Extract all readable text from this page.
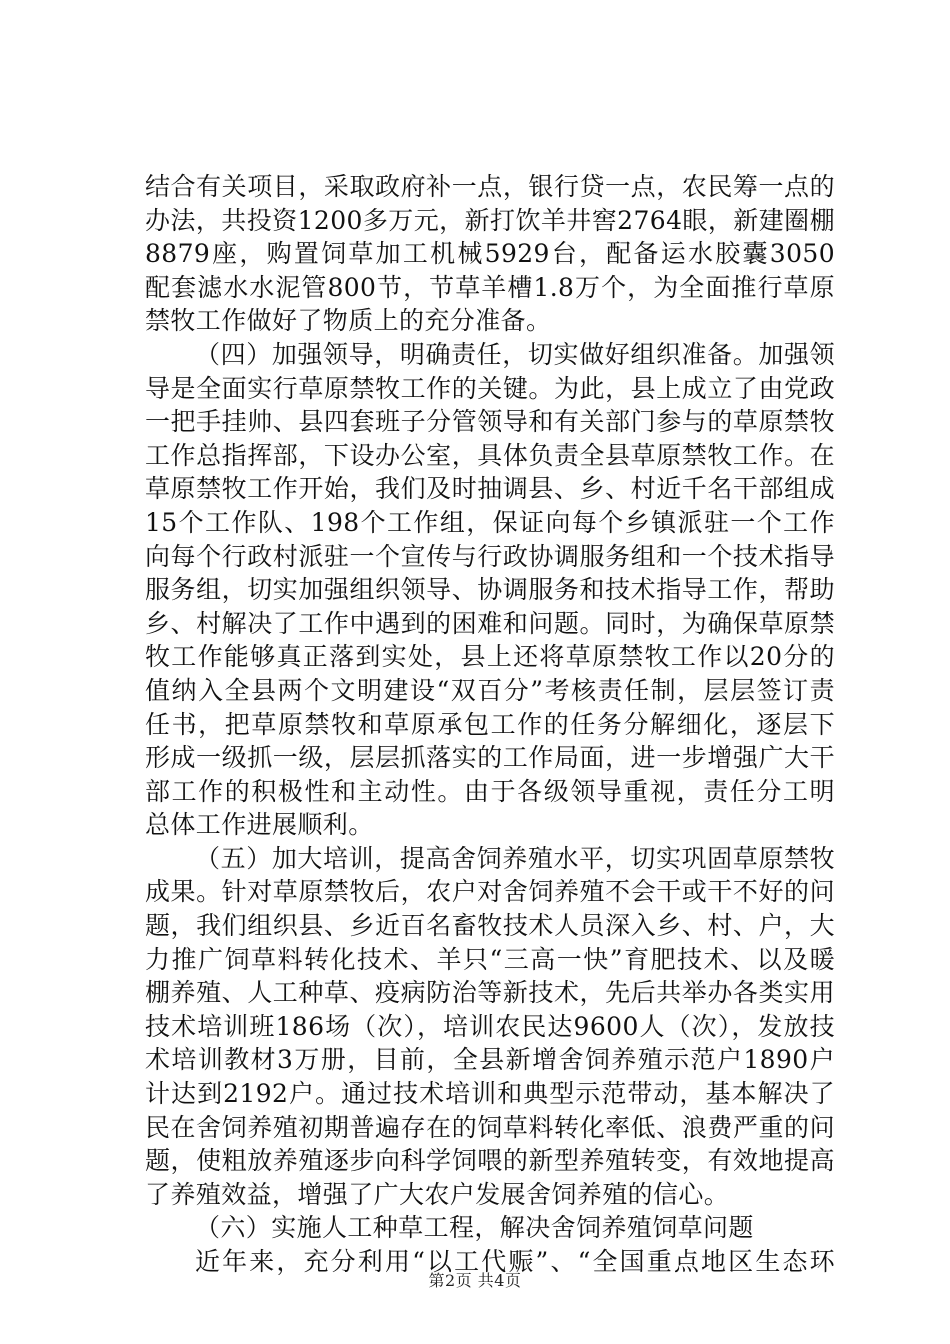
结合有关项目，采取政府补一点，银行贷一点，农民筹一点的
办法，共投资1200多万元，新打饮羊井窖2764眼，新建圈棚
8879座，购置饲草加工机械5929台，配备运水胶囊3050
配套滤水水泥管800节，节草羊槽1.8万个，为全面推行草原
禁牧工作做好了物质上的充分准备。
（四）加强领导，明确责任，切实做好组织准备。加强领
导是全面实行草原禁牧工作的关键。为此，县上成立了由党政
一把手挂帅、县四套班子分管领导和有关部门参与的草原禁牧
工作总指挥部，下设办公室，具体负责全县草原禁牧工作。在
草原禁牧工作开始，我们及时抽调县、乡、村近千名干部组成
15个工作队、198个工作组，保证向每个乡镇派驻一个工作
向每个行政村派驻一个宣传与行政协调服务组和一个技术指导
服务组，切实加强组织领导、协调服务和技术指导工作，帮助
乡、村解决了工作中遇到的困难和问题。同时，为确保草原禁
牧工作能够真正落到实处，县上还将草原禁牧工作以20分的
值纳入全县两个文明建设“双百分”考核责任制，层层签订责
任书，把草原禁牧和草原承包工作的任务分解细化，逐层下
形成一级抓一级，层层抓落实的工作局面，进一步增强广大干
部工作的积极性和主动性。由于各级领导重视，责任分工明
总体工作进展顺利。
（五）加大培训，提高舍饲养殖水平，切实巩固草原禁牧
成果。针对草原禁牧后，农户对舍饲养殖不会干或干不好的问
题，我们组织县、乡近百名畜牧技术人员深入乡、村、户，大
力推广饲草料转化技术、羊只“三高一快”育肥技术、以及暖
棚养殖、人工种草、疫病防治等新技术，先后共举办各类实用
技术培训班186场（次），培训农民达9600人（次），发放技
术培训教材3万册，目前，全县新增舍饲养殖示范户1890户
计达到2192户。通过技术培训和典型示范带动，基本解决了
民在舍饲养殖初期普遍存在的饲草料转化率低、浪费严重的问
题，使粗放养殖逐步向科学饲喂的新型养殖转变，有效地提高
了养殖效益，增强了广大农户发展舍饲养殖的信心。
（六）实施人工种草工程，解决舍饲养殖饲草问题
近年来，充分利用“以工代赈”、“全国重点地区生态环
第2页 共4页
